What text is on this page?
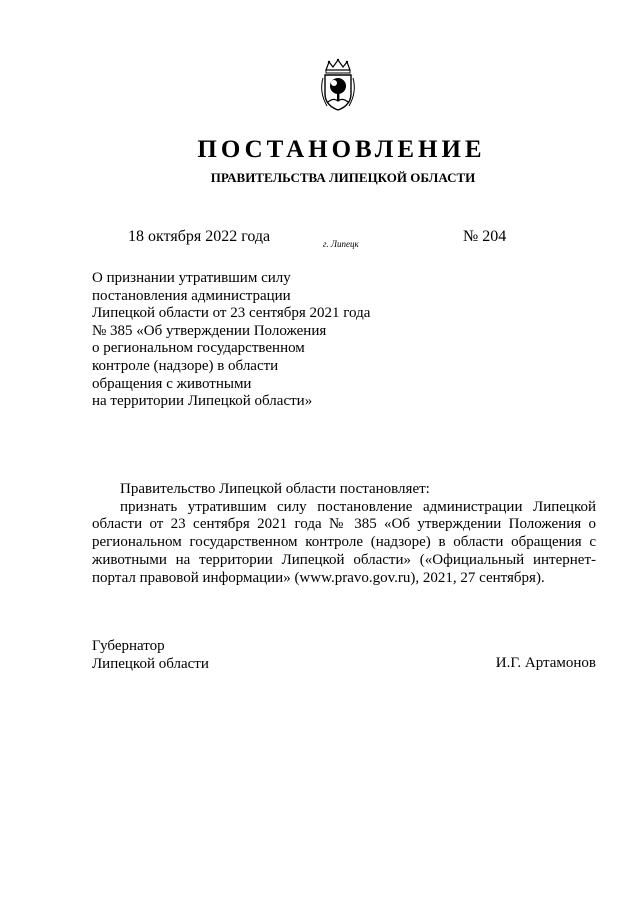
ПОСТАНОВЛЕНИЕ
ПРАВИТЕЛЬСТВА ЛИПЕЦКОЙ ОБЛАСТИ
18 октября 2022 года	г. Липецк	№ 204
О признании утратившим силу
постановления администрации
Липецкой области от 23 сентября 2021 года
№ 385 «Об утверждении Положения
о региональном государственном
контроле (надзоре) в области
обращения с животными
на территории Липецкой области»
Правительство Липецкой области постановляет:
признать утратившим силу постановление администрации Липецкой области от 23 сентября 2021 года № 385 «Об утверждении Положения о региональном государственном контроле (надзоре) в области обращения с животными на территории Липецкой области» («Официальный интернет-портал правовой информации» (www.pravo.gov.ru), 2021, 27 сентября).
Губернатор
Липецкой области	И.Г. Артамонов
